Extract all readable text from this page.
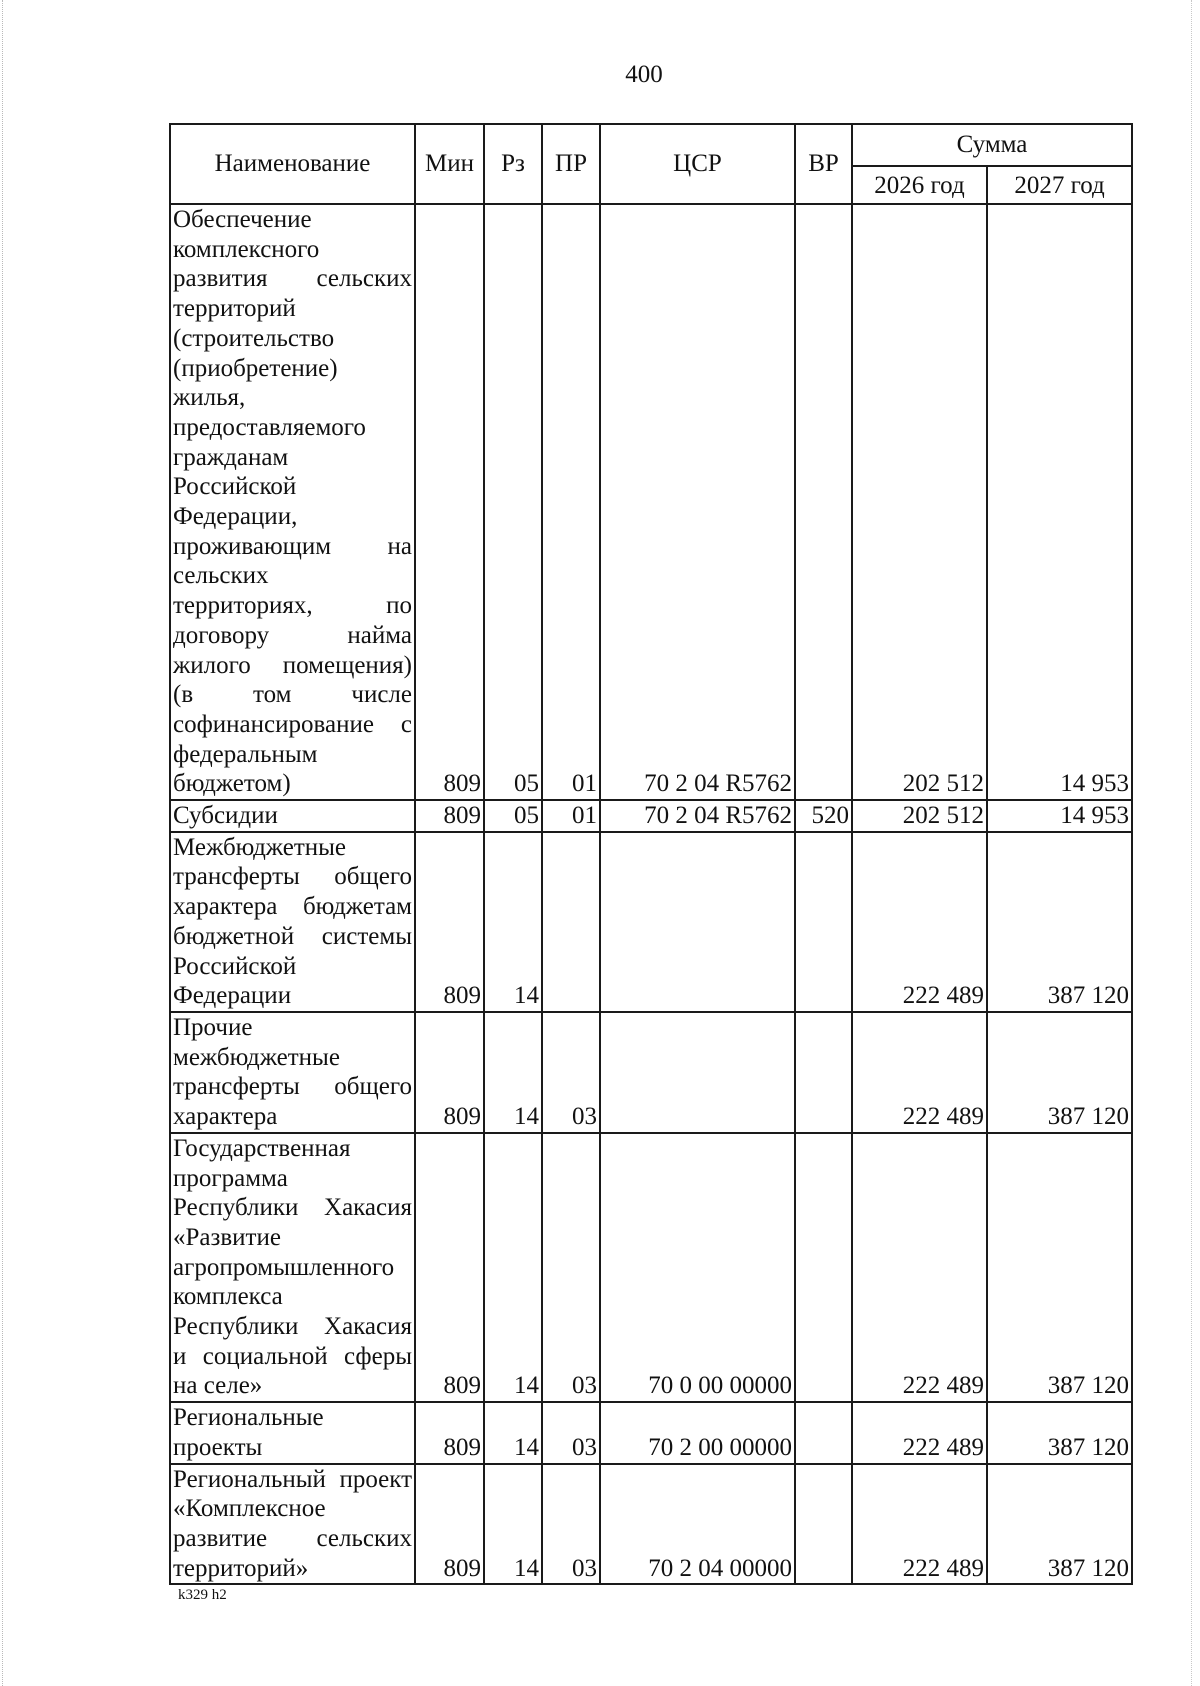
400
Наименование	Мин	Рз	ПР	ЦСР	ВР	Сумма	
						2026 год	2027 год
Обеспечение комплексного развития сельских территорий (строительство (приобретение) жилья, предоставляемого гражданам Российской Федерации, проживающим на сельских территориях, по договору найма жилого помещения) (в том числе софинансирование с федеральным бюджетом)	809	05	01	70 2 04 R5762		202 512	14 953
Субсидии	809	05	01	70 2 04 R5762	520	202 512	14 953
Межбюджетные трансферты общего характера бюджетам бюджетной системы Российской Федерации	809	14				222 489	387 120
Прочие межбюджетные трансферты общего характера	809	14	03			222 489	387 120
Государственная программа Республики Хакасия «Развитие агропромышленного комплекса Республики Хакасия и социальной сферы на селе»	809	14	03	70 0 00 00000		222 489	387 120
Региональные проекты	809	14	03	70 2 00 00000		222 489	387 120
Региональный проект «Комплексное развитие сельских территорий»	809	14	03	70 2 04 00000		222 489	387 120
k329 h2
